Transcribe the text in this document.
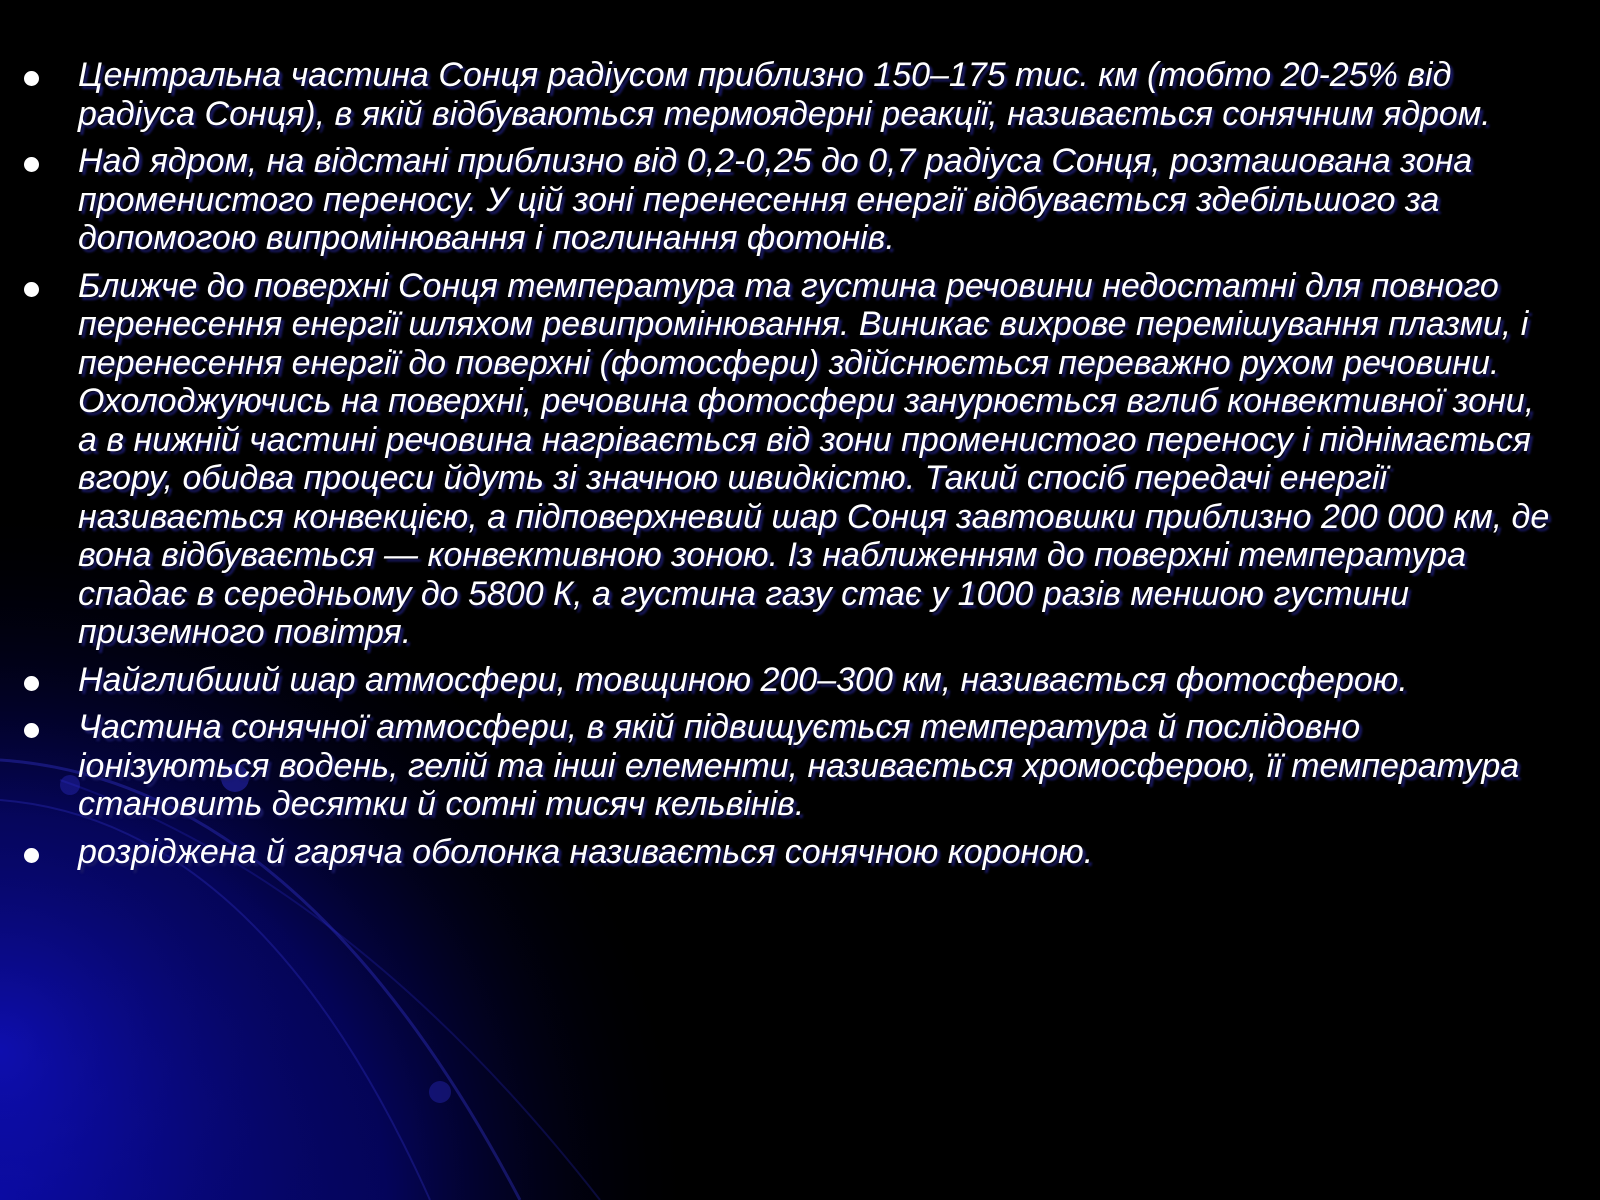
Центральна частина Сонця радіусом приблизно 150–175 тис. км (тобто 20-25% від радіуса Сонця), в якій відбуваються термоядерні реакції, називається сонячним ядром.
Над ядром, на відстані приблизно від 0,2-0,25 до 0,7 радіуса Сонця, розташована зона променистого переносу. У цій зоні перенесення енергії відбувається здебільшого за допомогою випромінювання і поглинання фотонів.
Ближче до поверхні Сонця температура та густина речовини недостатні для повного перенесення енергії шляхом ревипромінювання. Виникає вихрове перемішування плазми, і перенесення енергії до поверхні (фотосфери) здійснюється переважно рухом речовини. Охолоджуючись на поверхні, речовина фотосфери занурюється вглиб конвективної зони, а в нижній частині речовина нагрівається від зони променистого переносу і піднімається вгору, обидва процеси йдуть зі значною швидкістю. Такий спосіб передачі енергії називається конвекцією, а підповерхневий шар Сонця завтовшки приблизно 200 000 км, де вона відбувається — конвективною зоною. Із наближенням до поверхні температура спадає в середньому до 5800 К, а густина газу стає у 1000 разів меншою густини приземного повітря.
Найглибший шар атмосфери, товщиною 200–300 км, називається фотосферою.
Частина сонячної атмосфери, в якій підвищується температура й послідовно іонізуються водень, гелій та інші елементи, називається хромосферою, її температура становить десятки й сотні тисяч кельвінів.
розріджена й гаряча оболонка називається сонячною короною.
